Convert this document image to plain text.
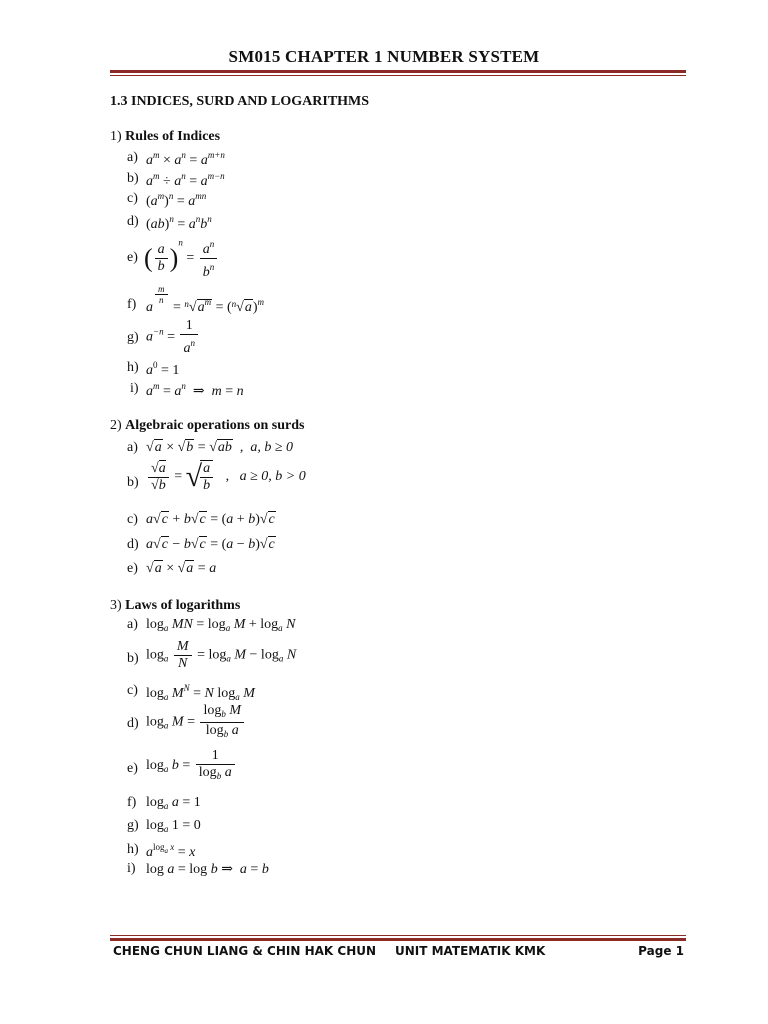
SM015 CHAPTER 1 NUMBER SYSTEM
1.3 INDICES, SURD AND LOGARITHMS
1) Rules of Indices
a) $a^m \times a^n = a^{m+n}$
b) $a^m \div a^n = a^{m-n}$
c) $(a^m)^n = a^{mn}$
d) $(ab)^n = a^nb^n$
e) ( $\frac{a}{b} )^n = \frac{a^n}{b^n}$
f) a
$\frac{m}{n}$
= $^n√a^m = (^n√a)^m$
g) $a^{-n} = \frac{1}{a^n}$
h) $a^0 = 1$
i) $a^m = a^n$ ⇒  m = n
2) Algebraic operations on surds
a) √a × √b = √ab , a, b ≥ 0
$b) \frac{√a}{√b}$ = √
$\frac{a}{b}$ , a ≥ 0, b > 0
c) a√c + b√c = (a + b)√c
d) a√c − b√c = (a − b)√c
e) √a × √a = a
3) Laws of logarithms
a) $\log_a$ MN = $\log_a M + \log_a N$
b) $\log_a \frac{M}{N} = \log_a M - \log_a N$
c) $\log_a M^N = N$ $\log_a M$
d) $\log_a M = \frac{\log_b M}{\log_b a}$
e) $\log_a b = \frac{1}{\log_b a}$
f) $\log_a a = 1$
g) $\log_a 1 = 0$
h) $a^{log_a x} = x$
i) log a = log b ⇒  a = b
CHENG CHUN LIANG & CHIN HAK CHUN UNIT MATEMATIK KMK	Page 1
